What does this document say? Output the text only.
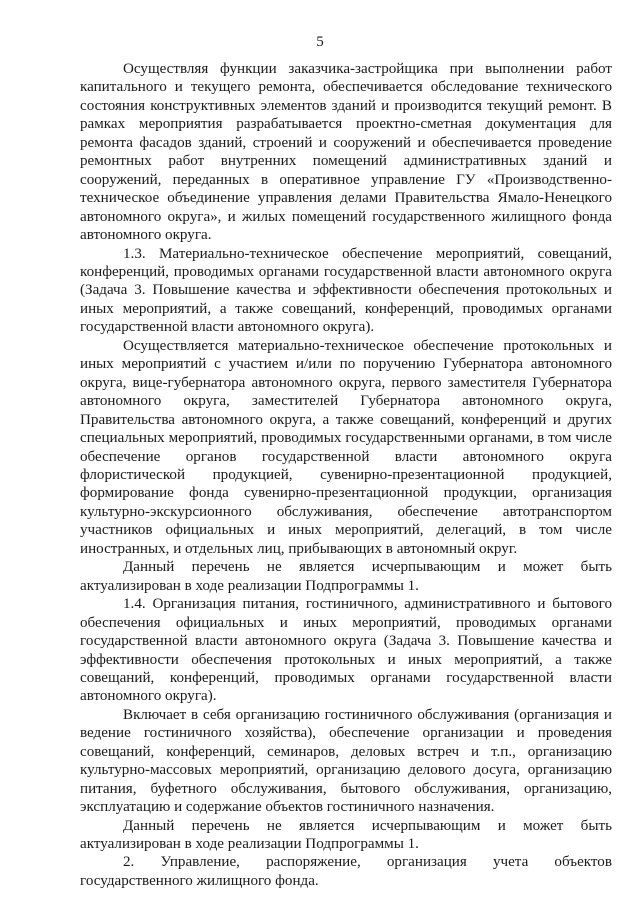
5

Осуществляя функции заказчика-застройщика при выполнении работ капитального и текущего ремонта, обеспечивается обследование технического состояния конструктивных элементов зданий и производится текущий ремонт. В рамках мероприятия разрабатывается проектно-сметная документация для ремонта фасадов зданий, строений и сооружений и обеспечивается проведение ремонтных работ внутренних помещений административных зданий и сооружений, переданных в оперативное управление ГУ «Производственно-техническое объединение управления делами Правительства Ямало-Ненецкого автономного округа», и жилых помещений государственного жилищного фонда автономного округа.

1.3. Материально-техническое обеспечение мероприятий, совещаний, конференций, проводимых органами государственной власти автономного округа (Задача 3. Повышение качества и эффективности обеспечения протокольных и иных мероприятий, а также совещаний, конференций, проводимых органами государственной власти автономного округа).

Осуществляется материально-техническое обеспечение протокольных и иных мероприятий с участием и/или по поручению Губернатора автономного округа, вице-губернатора автономного округа, первого заместителя Губернатора автономного округа, заместителей Губернатора автономного округа, Правительства автономного округа, а также совещаний, конференций и других специальных мероприятий, проводимых государственными органами, в том числе обеспечение органов государственной власти автономного округа флористической продукцией, сувенирно-презентационной продукцией, формирование фонда сувенирно-презентационной продукции, организация культурно-экскурсионного обслуживания, обеспечение автотранспортом участников официальных и иных мероприятий, делегаций, в том числе иностранных, и отдельных лиц, прибывающих в автономный округ.

Данный перечень не является исчерпывающим и может быть актуализирован в ходе реализации Подпрограммы 1.

1.4. Организация питания, гостиничного, административного и бытового обеспечения официальных и иных мероприятий, проводимых органами государственной власти автономного округа (Задача 3. Повышение качества и эффективности обеспечения протокольных и иных мероприятий, а также совещаний, конференций, проводимых органами государственной власти автономного округа).

Включает в себя организацию гостиничного обслуживания (организация и ведение гостиничного хозяйства), обеспечение организации и проведения совещаний, конференций, семинаров, деловых встреч и т.п., организацию культурно-массовых мероприятий, организацию делового досуга, организацию питания, буфетного обслуживания, бытового обслуживания, организацию, эксплуатацию и содержание объектов гостиничного назначения.

Данный перечень не является исчерпывающим и может быть актуализирован в ходе реализации Подпрограммы 1.

2. Управление, распоряжение, организация учета объектов государственного жилищного фонда.
